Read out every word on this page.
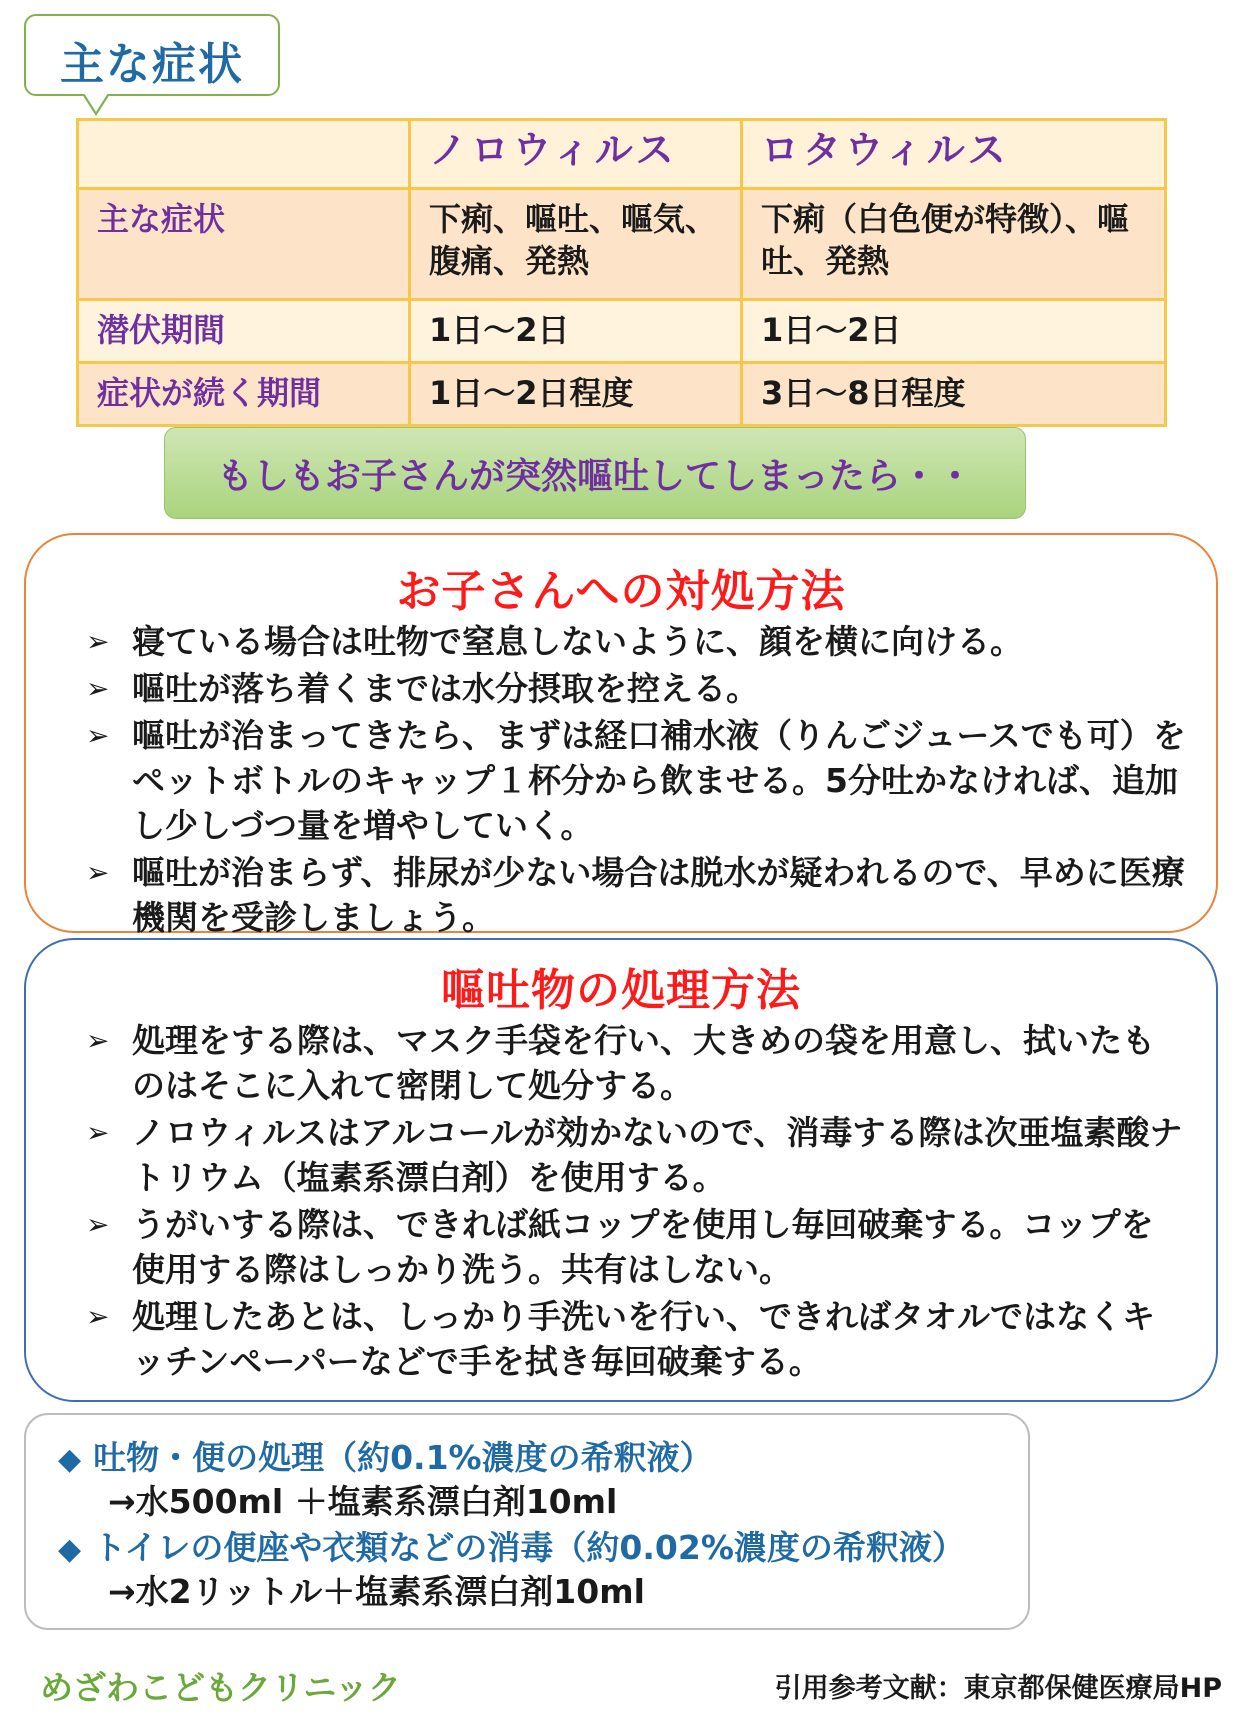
主な症状
	ノロウィルス	ロタウィルス
主な症状	下痢、嘔吐、嘔気、腹痛、発熱	下痢（白色便が特徴）、嘔吐、発熱
潜伏期間	1日～2日	1日～2日
症状が続く期間	1日～2日程度	3日～8日程度
もしもお子さんが突然嘔吐してしまったら・・
お子さんへの対処方法
➢ 寝ている場合は吐物で窒息しないように、顔を横に向ける。
➢ 嘔吐が落ち着くまでは水分摂取を控える。
➢ 嘔吐が治まってきたら、まずは経口補水液（りんごジュースでも可）をペットボトルのキャップ１杯分から飲ませる。5分吐かなければ、追加し少しづつ量を増やしていく。
➢ 嘔吐が治まらず、排尿が少ない場合は脱水が疑われるので、早めに医療機関を受診しましょう。
嘔吐物の処理方法
➢ 処理をする際は、マスク手袋を行い、大きめの袋を用意し、拭いたものはそこに入れて密閉して処分する。
➢ ノロウィルスはアルコールが効かないので、消毒する際は次亜塩素酸ナトリウム（塩素系漂白剤）を使用する。
➢ うがいする際は、できれば紙コップを使用し毎回破棄する。コップを使用する際はしっかり洗う。共有はしない。
➢ 処理したあとは、しっかり手洗いを行い、できればタオルではなくキッチンペーパーなどで手を拭き毎回破棄する。
◆ 吐物・便の処理（約0.1%濃度の希釈液）
→水500ml ＋塩素系漂白剤10ml
◆ トイレの便座や衣類などの消毒（約0.02%濃度の希釈液）
→水2リットル＋塩素系漂白剤10ml
めざわこどもクリニック	引用参考文献：東京都保健医療局HP
